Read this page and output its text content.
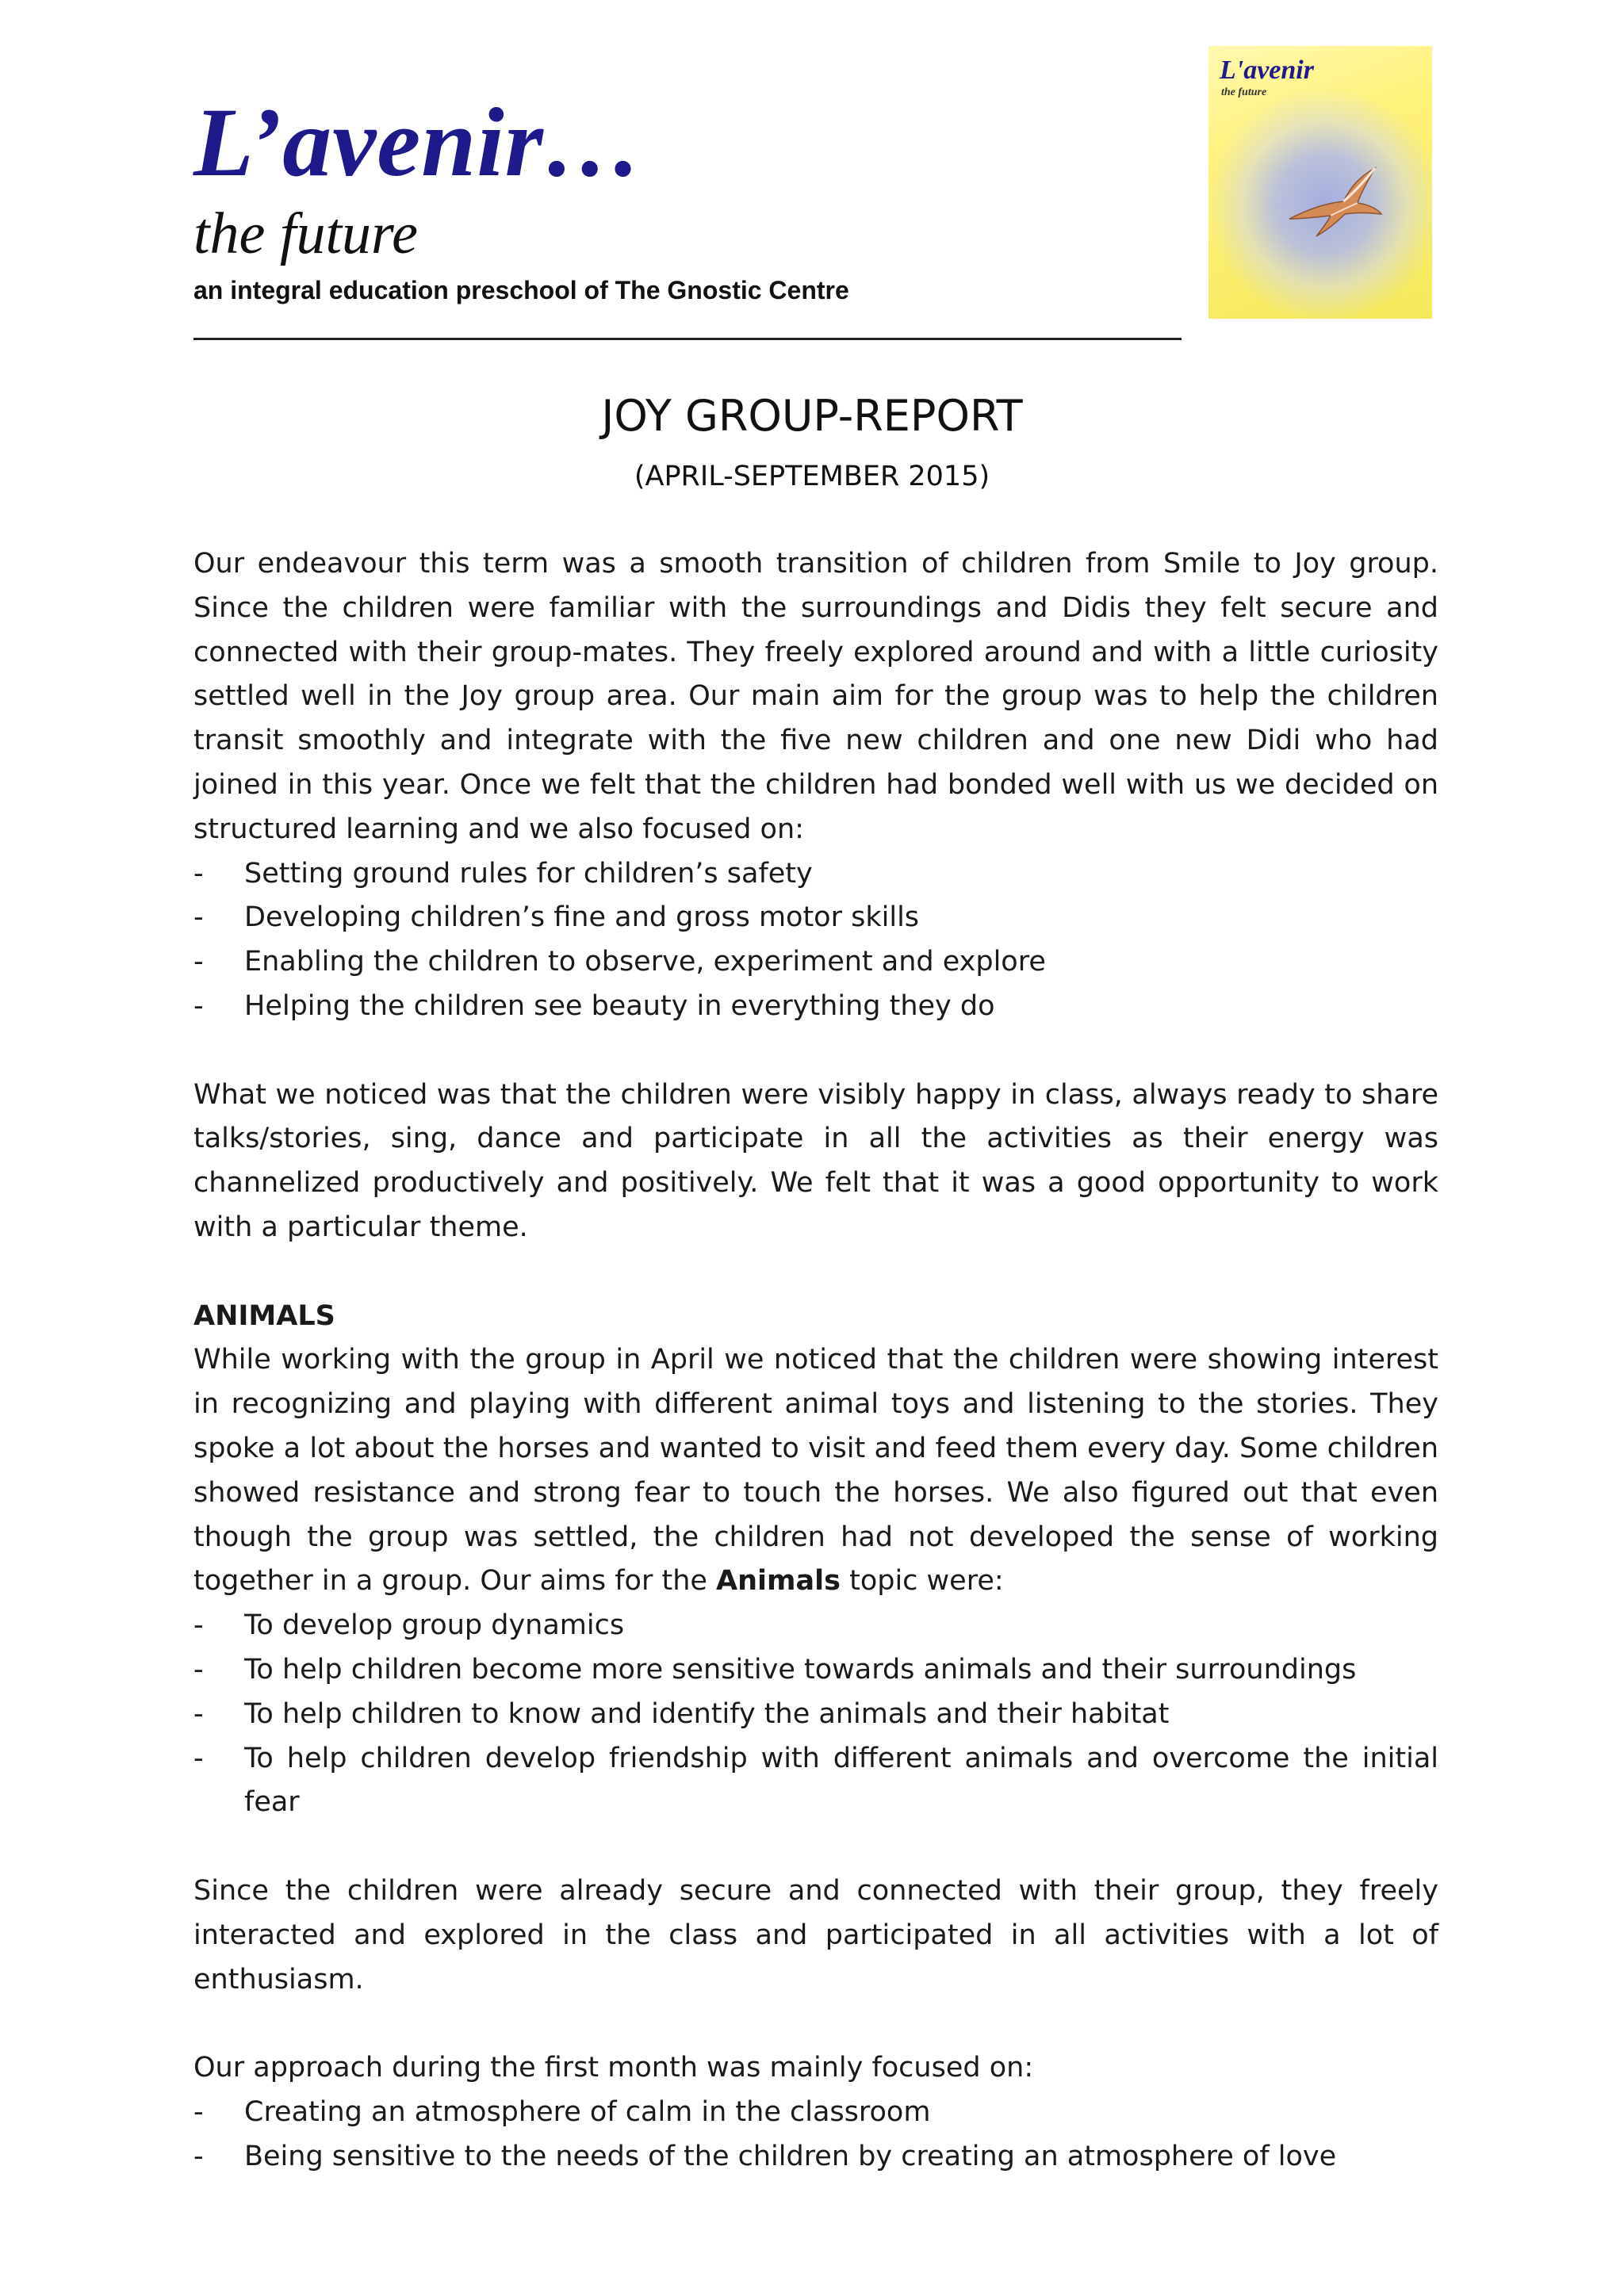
L’avenir…
the future
an integral education preschool of The Gnostic Centre
L'avenir
the future
JOY GROUP-REPORT
(APRIL-SEPTEMBER 2015)

Our endeavour this term was a smooth transition of children from Smile to Joy group. Since the children were familiar with the surroundings and Didis they felt secure and connected with their group-mates. They freely explored around and with a little curiosity settled well in the Joy group area. Our main aim for the group was to help the children transit smoothly and integrate with the five new children and one new Didi who had joined in this year. Once we felt that the children had bonded well with us we decided on structured learning and we also focused on:

- Setting ground rules for children’s safety
- Developing children’s fine and gross motor skills
- Enabling the children to observe, experiment and explore
- Helping the children see beauty in everything they do

What we noticed was that the children were visibly happy in class, always ready to share talks/stories, sing, dance and participate in all the activities as their energy was channelized productively and positively. We felt that it was a good opportunity to work with a particular theme.

ANIMALS

While working with the group in April we noticed that the children were showing interest in recognizing and playing with different animal toys and listening to the stories. They spoke a lot about the horses and wanted to visit and feed them every day. Some children showed resistance and strong fear to touch the horses. We also figured out that even though the group was settled, the children had not developed the sense of working together in a group. Our aims for the Animals topic were:

- To develop group dynamics
- To help children become more sensitive towards animals and their surroundings
- To help children to know and identify the animals and their habitat
- To help children develop friendship with different animals and overcome the initial fear

Since the children were already secure and connected with their group, they freely interacted and explored in the class and participated in all activities with a lot of enthusiasm.

Our approach during the first month was mainly focused on:

- Creating an atmosphere of calm in the classroom
- Being sensitive to the needs of the children by creating an atmosphere of love
